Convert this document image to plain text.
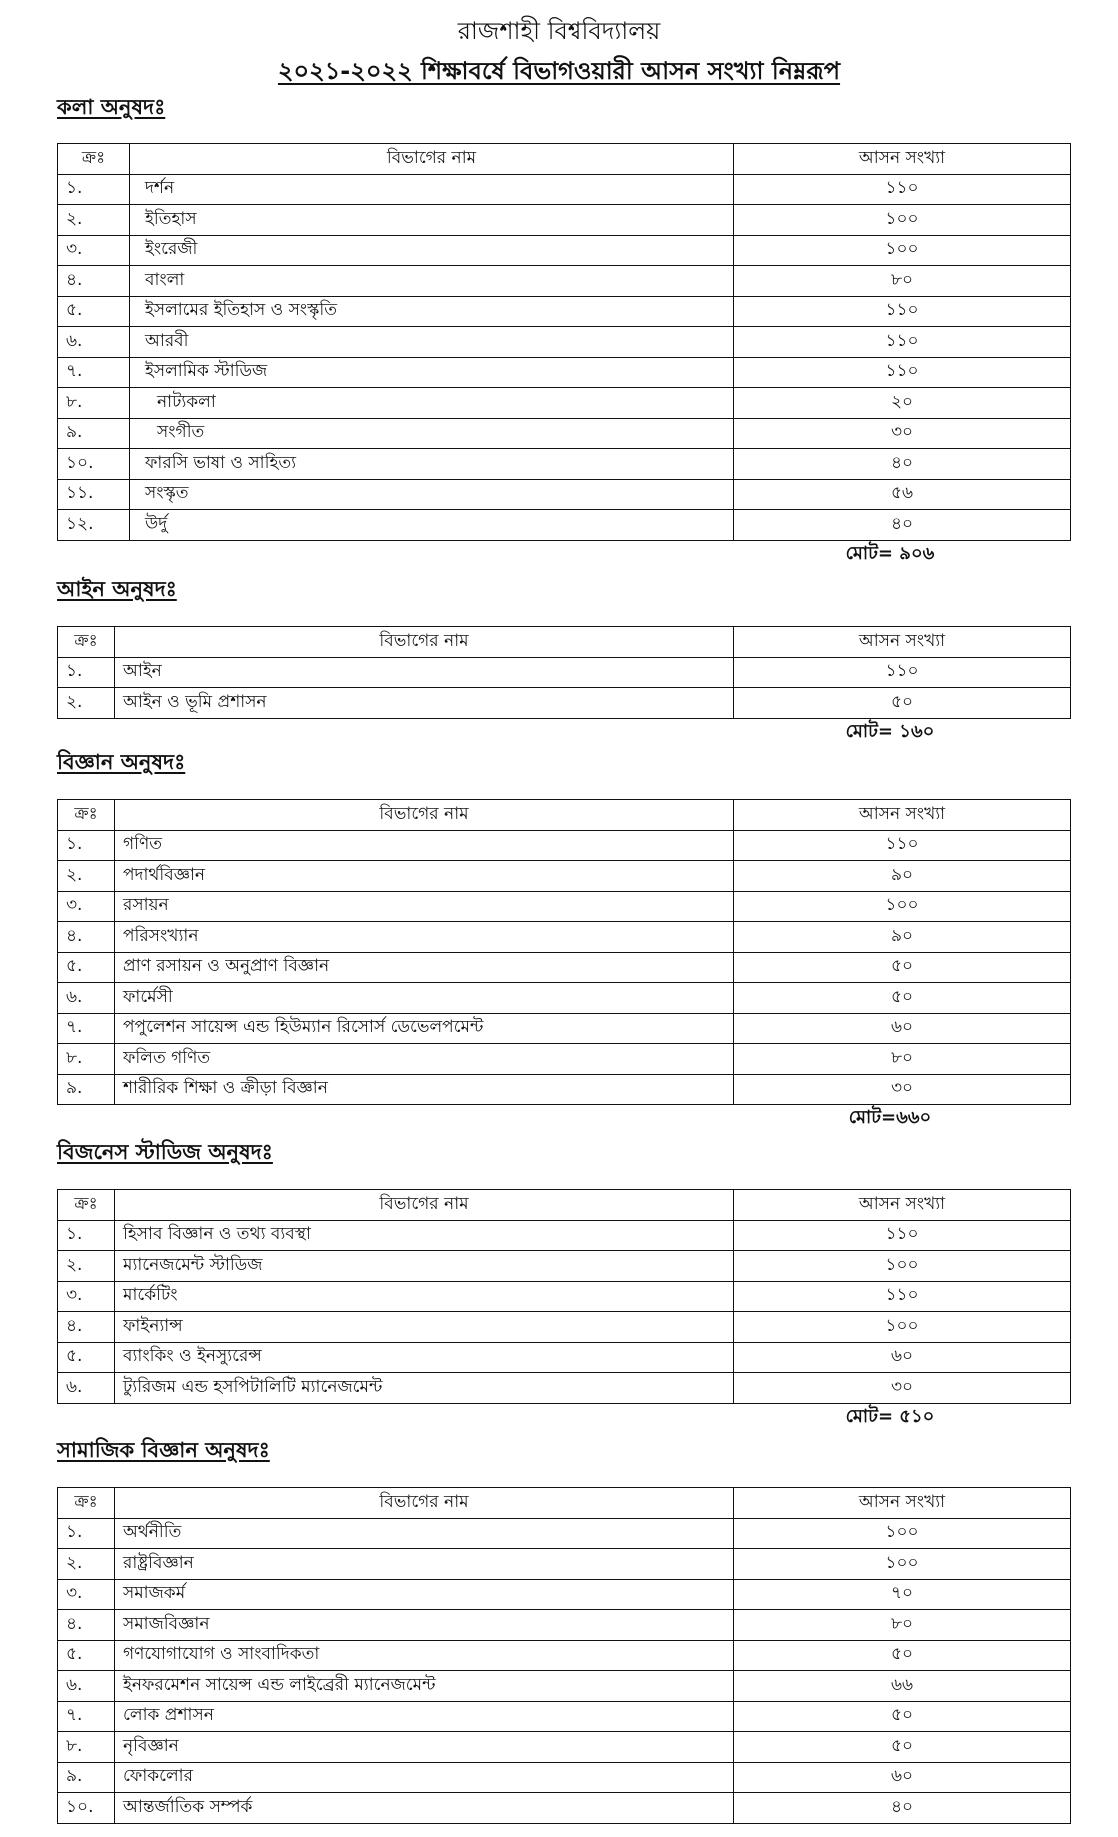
রাজশাহী বিশ্ববিদ্যালয়
২০২১-২০২২ শিক্ষাবর্ষে বিভাগওয়ারী আসন সংখ্যা নিম্নরূপ
কলা অনুষদঃ
ক্রঃ	বিভাগের নাম	আসন সংখ্যা
১.	দর্শন	১১০
২.	ইতিহাস	১০০
৩.	ইংরেজী	১০০
৪.	বাংলা	৮০
৫.	ইসলামের ইতিহাস ও সংস্কৃতি	১১০
৬.	আরবী	১১০
৭.	ইসলামিক স্টাডিজ	১১০
৮.	নাট্যকলা	২০
৯.	সংগীত	৩০
১০.	ফারসি ভাষা ও সাহিত্য	৪০
১১.	সংস্কৃত	৫৬
১২.	উর্দু	৪০
মোট= ৯০৬
আইন অনুষদঃ
ক্রঃ	বিভাগের নাম	আসন সংখ্যা
১.	আইন	১১০
২.	আইন ও ভূমি প্রশাসন	৫০
মোট= ১৬০
বিজ্ঞান অনুষদঃ
ক্রঃ	বিভাগের নাম	আসন সংখ্যা
১.	গণিত	১১০
২.	পদার্থবিজ্ঞান	৯০
৩.	রসায়ন	১০০
৪.	পরিসংখ্যান	৯০
৫.	প্রাণ রসায়ন ও অনুপ্রাণ বিজ্ঞান	৫০
৬.	ফার্মেসী	৫০
৭.	পপুলেশন সায়েন্স এন্ড হিউম্যান রিসোর্স ডেভেলপমেন্ট	৬০
৮.	ফলিত গণিত	৮০
৯.	শারীরিক শিক্ষা ও ক্রীড়া বিজ্ঞান	৩০
মোট=৬৬০
বিজনেস স্টাডিজ অনুষদঃ
ক্রঃ	বিভাগের নাম	আসন সংখ্যা
১.	হিসাব বিজ্ঞান ও তথ্য ব্যবস্থা	১১০
২.	ম্যানেজমেন্ট স্টাডিজ	১০০
৩.	মার্কেটিং	১১০
৪.	ফাইন্যান্স	১০০
৫.	ব্যাংকিং ও ইনস্যুরেন্স	৬০
৬.	ট্যুরিজম এন্ড হসপিটালিটি ম্যানেজমেন্ট	৩০
মোট= ৫১০
সামাজিক বিজ্ঞান অনুষদঃ
ক্রঃ	বিভাগের নাম	আসন সংখ্যা
১.	অর্থনীতি	১০০
২.	রাষ্ট্রবিজ্ঞান	১০০
৩.	সমাজকর্ম	৭০
৪.	সমাজবিজ্ঞান	৮০
৫.	গণযোগাযোগ ও সাংবাদিকতা	৫০
৬.	ইনফরমেশন সায়েন্স এন্ড লাইব্রেরী ম্যানেজমেন্ট	৬৬
৭.	লোক প্রশাসন	৫০
৮.	নৃবিজ্ঞান	৫০
৯.	ফোকলোর	৬০
১০.	আন্তর্জাতিক সম্পর্ক	৪০
